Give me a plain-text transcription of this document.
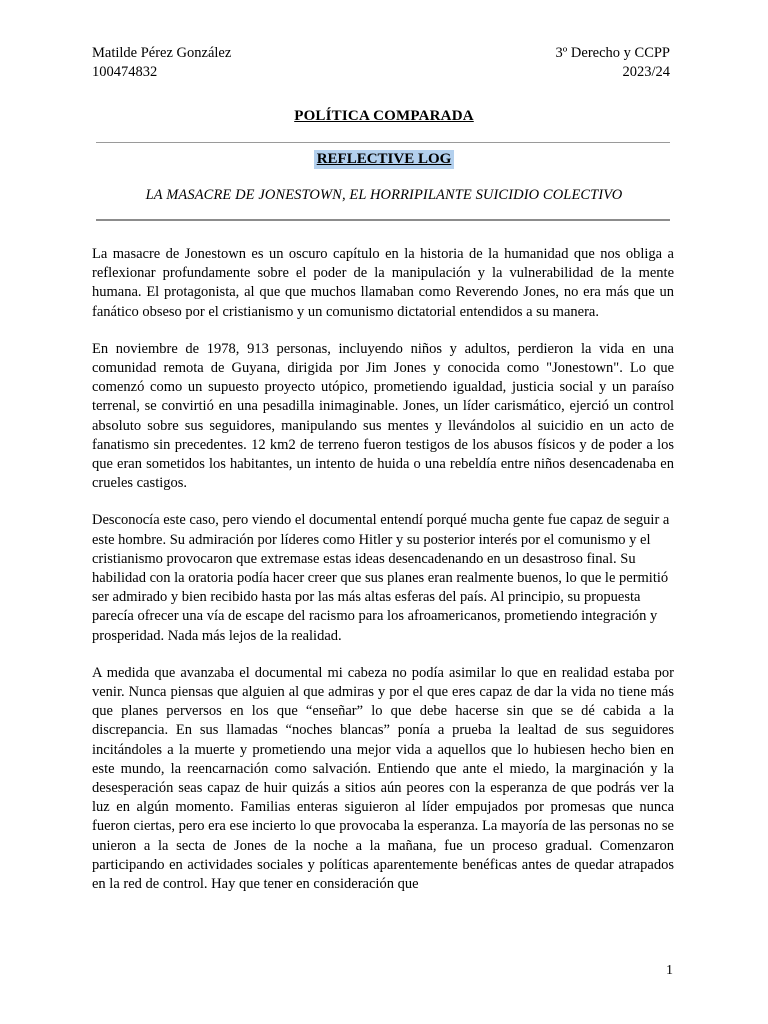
Matilde Pérez González	3º Derecho y CCPP
100474832	2023/24
POLÍTICA COMPARADA
REFLECTIVE LOG
LA MASACRE DE JONESTOWN, EL HORRIPILANTE SUICIDIO COLECTIVO

La masacre de Jonestown es un oscuro capítulo en la historia de la humanidad que nos obliga a reflexionar profundamente sobre el poder de la manipulación y la vulnerabilidad de la mente humana. El protagonista, al que que muchos llamaban como Reverendo Jones, no era más que un fanático obseso por el cristianismo y un comunismo dictatorial entendidos a su manera.

En noviembre de 1978, 913 personas, incluyendo niños y adultos, perdieron la vida en una comunidad remota de Guyana, dirigida por Jim Jones y conocida como "Jonestown". Lo que comenzó como un supuesto proyecto utópico, prometiendo igualdad, justicia social y un paraíso terrenal, se convirtió en una pesadilla inimaginable. Jones, un líder carismático, ejerció un control absoluto sobre sus seguidores, manipulando sus mentes y llevándolos al suicidio en un acto de fanatismo sin precedentes. 12 km2 de terreno fueron testigos de los abusos físicos y de poder a los que eran sometidos los habitantes, un intento de huida o una rebeldía entre niños desencadenaba en crueles castigos.

Desconocía este caso, pero viendo el documental entendí porqué mucha gente fue capaz de seguir a este hombre. Su admiración por líderes como Hitler y su posterior interés por el comunismo y el cristianismo provocaron que extremase estas ideas desencadenando en un desastroso final. Su habilidad con la oratoria podía hacer creer que sus planes eran realmente buenos, lo que le permitió ser admirado y bien recibido hasta por las más altas esferas del país. Al principio, su propuesta parecía ofrecer una vía de escape del racismo para los afroamericanos, prometiendo integración y prosperidad. Nada más lejos de la realidad.

A medida que avanzaba el documental mi cabeza no podía asimilar lo que en realidad estaba por venir. Nunca piensas que alguien al que admiras y por el que eres capaz de dar la vida no tiene más que planes perversos en los que “enseñar” lo que debe hacerse sin que se dé cabida a la discrepancia. En sus llamadas “noches blancas” ponía a prueba la lealtad de sus seguidores incitándoles a la muerte y prometiendo una mejor vida a aquellos que lo hubiesen hecho bien en este mundo, la reencarnación como salvación. Entiendo que ante el miedo, la marginación y la desesperación seas capaz de huir quizás a sitios aún peores con la esperanza de que podrás ver la luz en algún momento. Familias enteras siguieron al líder empujados por promesas que nunca fueron ciertas, pero era ese incierto lo que provocaba la esperanza. La mayoría de las personas no se unieron a la secta de Jones de la noche a la mañana, fue un proceso gradual. Comenzaron participando en actividades sociales y políticas aparentemente benéficas antes de quedar atrapados en la red de control. Hay que tener en consideración que

1
